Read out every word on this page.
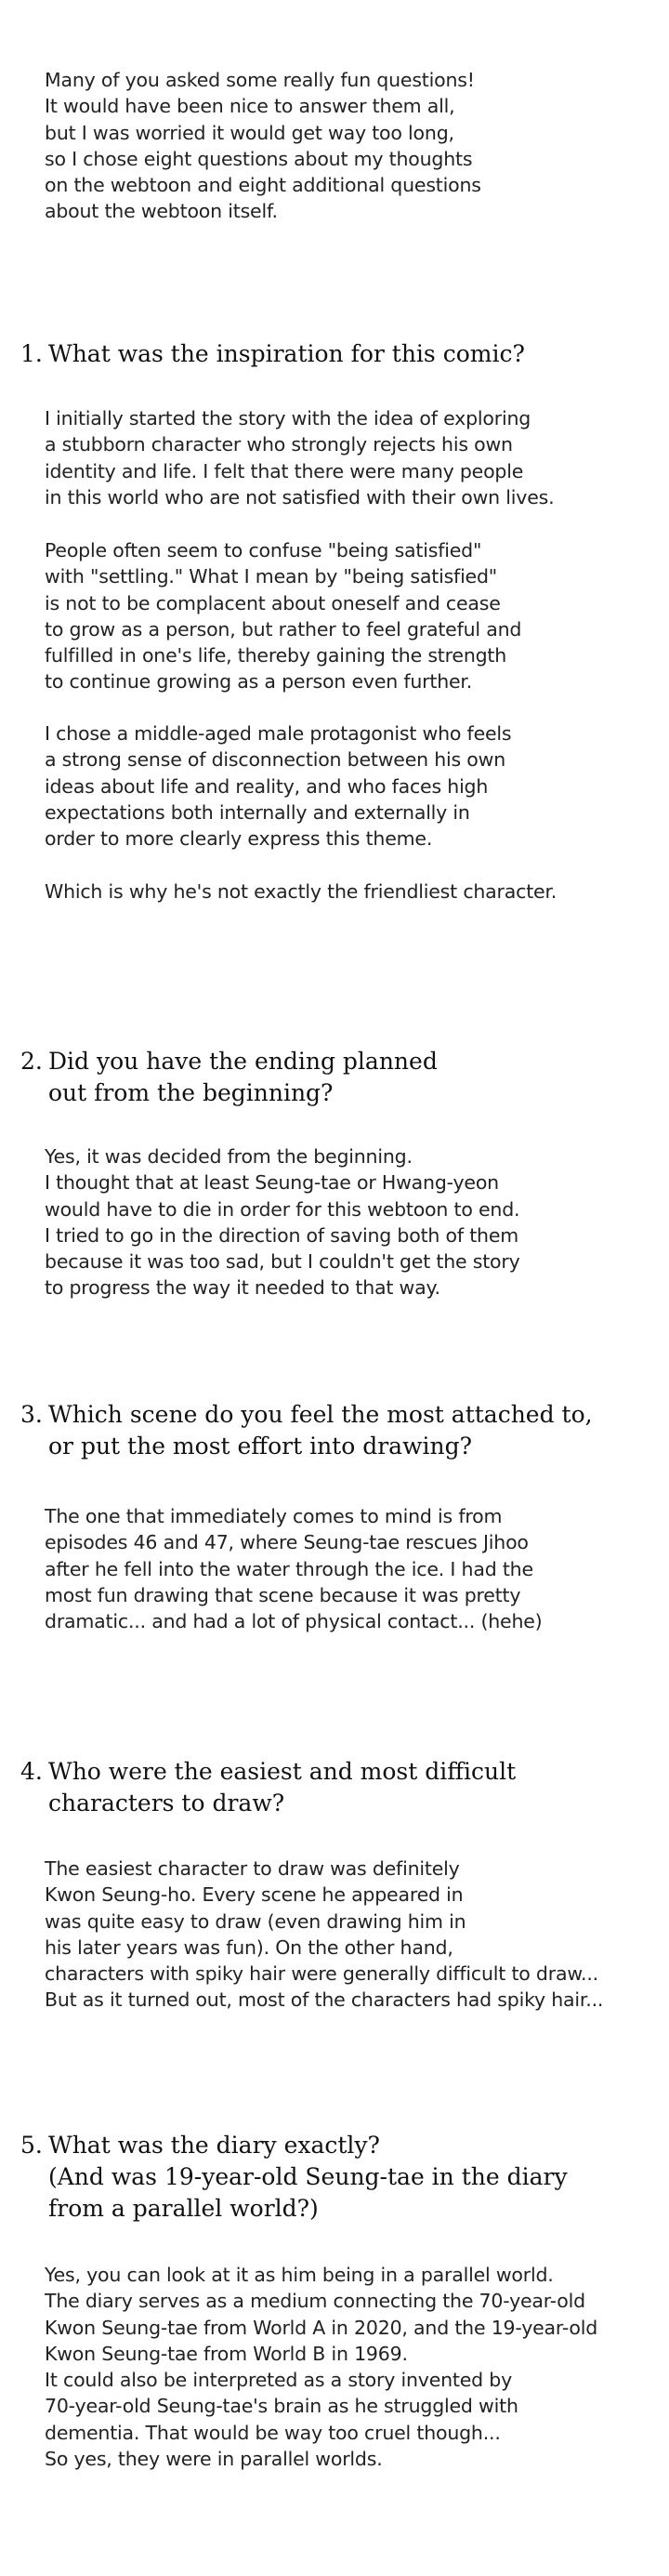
Many of you asked some really fun questions!
It would have been nice to answer them all,
but I was worried it would get way too long,
so I chose eight questions about my thoughts
on the webtoon and eight additional questions
about the webtoon itself.

1. What was the inspiration for this comic?

I initially started the story with the idea of exploring
a stubborn character who strongly rejects his own
identity and life. I felt that there were many people
in this world who are not satisfied with their own lives.

People often seem to confuse "being satisfied"
with "settling." What I mean by "being satisfied"
is not to be complacent about oneself and cease
to grow as a person, but rather to feel grateful and
fulfilled in one's life, thereby gaining the strength
to continue growing as a person even further.

I chose a middle-aged male protagonist who feels
a strong sense of disconnection between his own
ideas about life and reality, and who faces high
expectations both internally and externally in
order to more clearly express this theme.

Which is why he's not exactly the friendliest character.

2. Did you have the ending planned
out from the beginning?

Yes, it was decided from the beginning.
I thought that at least Seung-tae or Hwang-yeon
would have to die in order for this webtoon to end.
I tried to go in the direction of saving both of them
because it was too sad, but I couldn't get the story
to progress the way it needed to that way.

3. Which scene do you feel the most attached to,
or put the most effort into drawing?

The one that immediately comes to mind is from
episodes 46 and 47, where Seung-tae rescues Jihoo
after he fell into the water through the ice. I had the
most fun drawing that scene because it was pretty
dramatic... and had a lot of physical contact... (hehe)

4. Who were the easiest and most difficult
characters to draw?

The easiest character to draw was definitely
Kwon Seung-ho. Every scene he appeared in
was quite easy to draw (even drawing him in
his later years was fun). On the other hand,
characters with spiky hair were generally difficult to draw...
But as it turned out, most of the characters had spiky hair...

5. What was the diary exactly?
(And was 19-year-old Seung-tae in the diary
from a parallel world?)

Yes, you can look at it as him being in a parallel world.
The diary serves as a medium connecting the 70-year-old
Kwon Seung-tae from World A in 2020, and the 19-year-old
Kwon Seung-tae from World B in 1969.
It could also be interpreted as a story invented by
70-year-old Seung-tae's brain as he struggled with
dementia. That would be way too cruel though...
So yes, they were in parallel worlds.
